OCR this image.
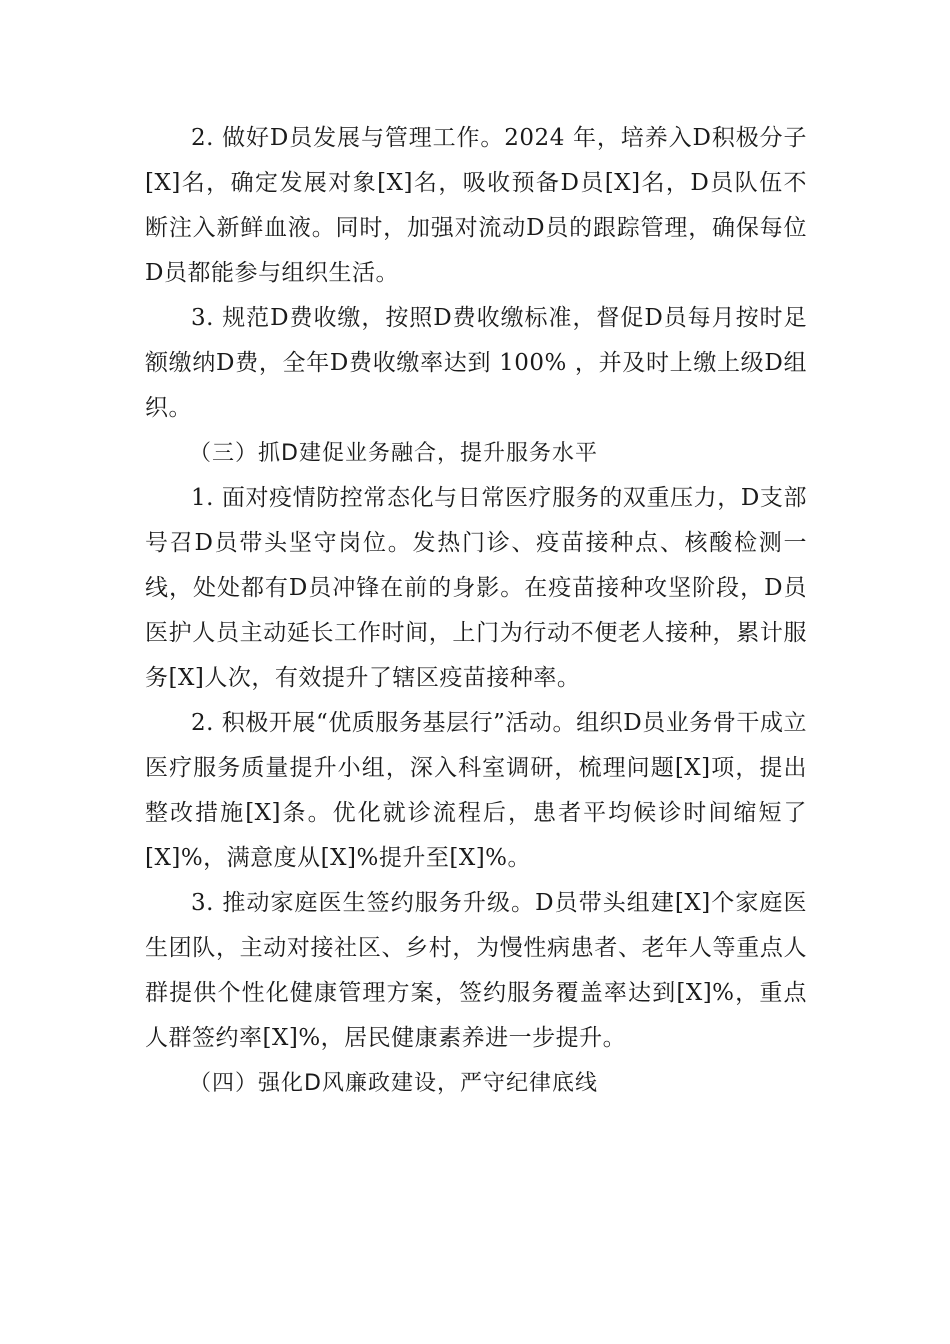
2. 做好D员发展与管理工作。2024 年，培养入D积极分子[X]名，确定发展对象[X]名，吸收预备D员[X]名，D员队伍不断注入新鲜血液。同时，加强对流动D员的跟踪管理，确保每位D员都能参与组织生活。

3. 规范D费收缴，按照D费收缴标准，督促D员每月按时足额缴纳D费，全年D费收缴率达到 100% ，并及时上缴上级D组织。

（三）抓D建促业务融合，提升服务水平

1. 面对疫情防控常态化与日常医疗服务的双重压力，D支部号召D员带头坚守岗位。发热门诊、疫苗接种点、核酸检测一线，处处都有D员冲锋在前的身影。在疫苗接种攻坚阶段，D员医护人员主动延长工作时间，上门为行动不便老人接种，累计服务[X]人次，有效提升了辖区疫苗接种率。

2. 积极开展“优质服务基层行”活动。组织D员业务骨干成立医疗服务质量提升小组，深入科室调研，梳理问题[X]项，提出整改措施[X]条。优化就诊流程后，患者平均候诊时间缩短了[X]%，满意度从[X]%提升至[X]%。

3. 推动家庭医生签约服务升级。D员带头组建[X]个家庭医生团队，主动对接社区、乡村，为慢性病患者、老年人等重点人群提供个性化健康管理方案，签约服务覆盖率达到[X]%，重点人群签约率[X]%，居民健康素养进一步提升。

（四）强化D风廉政建设，严守纪律底线
